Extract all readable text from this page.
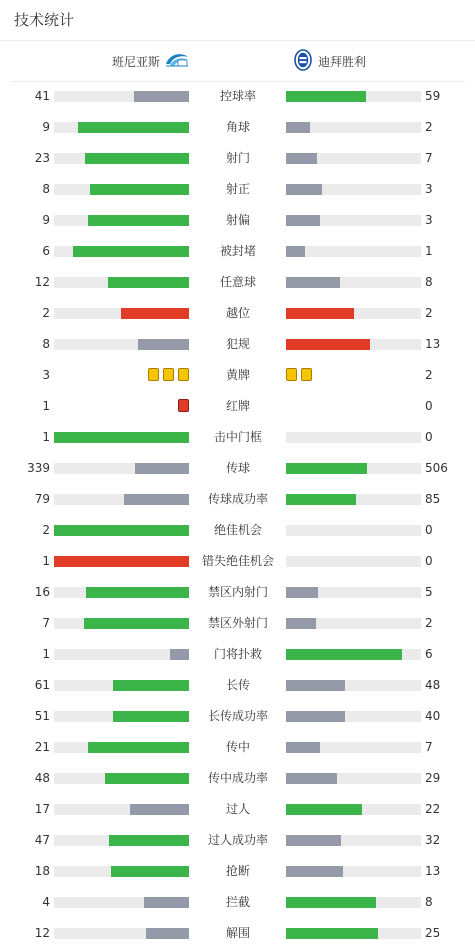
技术统计
班尼亚斯	迪拜胜利
41	控球率	59
9	角球	2
23	射门	7
8	射正	3
9	射偏	3
6	被封堵	1
12	任意球	8
2	越位	2
8	犯规	13
3	黄牌	2
1	红牌	0
1	击中门框	0
339	传球	506
79	传球成功率	85
2	绝佳机会	0
1	错失绝佳机会	0
16	禁区内射门	5
7	禁区外射门	2
1	门将扑救	6
61	长传	48
51	长传成功率	40
21	传中	7
48	传中成功率	29
17	过人	22
47	过人成功率	32
18	抢断	13
4	拦截	8
12	解围	25
